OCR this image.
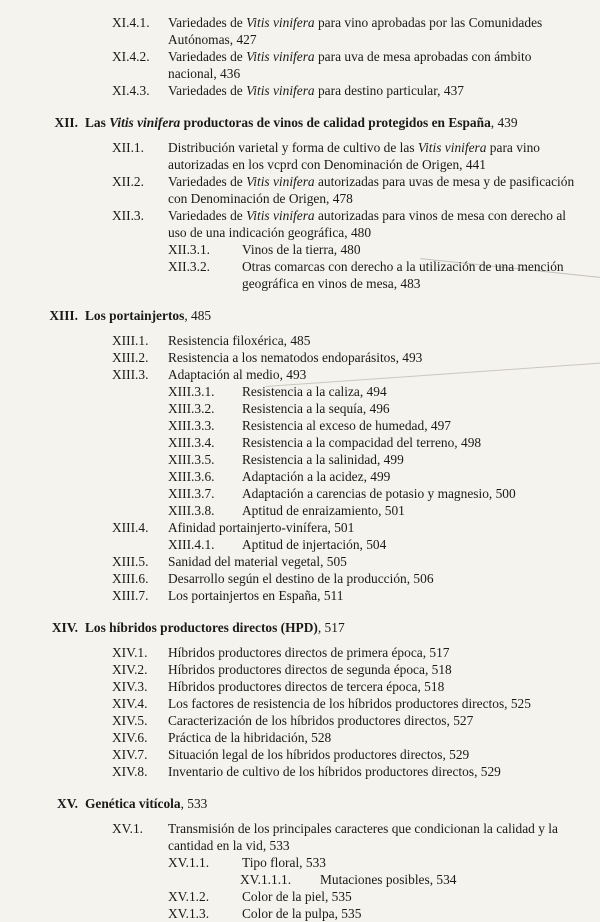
XI.4.1.	Variedades de Vitis vinifera para vino aprobadas por las Comunidades Autónomas, 427
XI.4.2.	Variedades de Vitis vinifera para uva de mesa aprobadas con ámbito nacional, 436
XI.4.3.	Variedades de Vitis vinifera para destino particular, 437
XII. Las Vitis vinifera productoras de vinos de calidad protegidos en España, 439
XII.1.	Distribución varietal y forma de cultivo de las Vitis vinifera para vino autorizadas en los vcprd con Denominación de Origen, 441
XII.2.	Variedades de Vitis vinifera autorizadas para uvas de mesa y de pasificación con Denominación de Origen, 478
XII.3.	Variedades de Vitis vinifera autorizadas para vinos de mesa con derecho al uso de una indicación geográfica, 480
XII.3.1.	Vinos de la tierra, 480
XII.3.2.	Otras comarcas con derecho a la utilización de una mención geográfica en vinos de mesa, 483
XIII. Los portainjertos, 485
XIII.1.	Resistencia filoxérica, 485
XIII.2.	Resistencia a los nematodos endoparásitos, 493
XIII.3.	Adaptación al medio, 493
XIII.3.1.	Resistencia a la caliza, 494
XIII.3.2.	Resistencia a la sequía, 496
XIII.3.3.	Resistencia al exceso de humedad, 497
XIII.3.4.	Resistencia a la compacidad del terreno, 498
XIII.3.5.	Resistencia a la salinidad, 499
XIII.3.6.	Adaptación a la acidez, 499
XIII.3.7.	Adaptación a carencias de potasio y magnesio, 500
XIII.3.8.	Aptitud de enraizamiento, 501
XIII.4.	Afinidad portainjerto-vinífera, 501
XIII.4.1.	Aptitud de injertación, 504
XIII.5.	Sanidad del material vegetal, 505
XIII.6.	Desarrollo según el destino de la producción, 506
XIII.7.	Los portainjertos en España, 511
XIV. Los híbridos productores directos (HPD), 517
XIV.1.	Híbridos productores directos de primera época, 517
XIV.2.	Híbridos productores directos de segunda época, 518
XIV.3.	Híbridos productores directos de tercera época, 518
XIV.4.	Los factores de resistencia de los híbridos productores directos, 525
XIV.5.	Caracterización de los híbridos productores directos, 527
XIV.6.	Práctica de la hibridación, 528
XIV.7.	Situación legal de los híbridos productores directos, 529
XIV.8.	Inventario de cultivo de los híbridos productores directos, 529
XV. Genética vitícola, 533
XV.1.	Transmisión de los principales caracteres que condicionan la calidad y la cantidad en la vid, 533
XV.1.1.	Tipo floral, 533
XV.1.1.1.	Mutaciones posibles, 534
XV.1.2.	Color de la piel, 535
XV.1.3.	Color de la pulpa, 535
